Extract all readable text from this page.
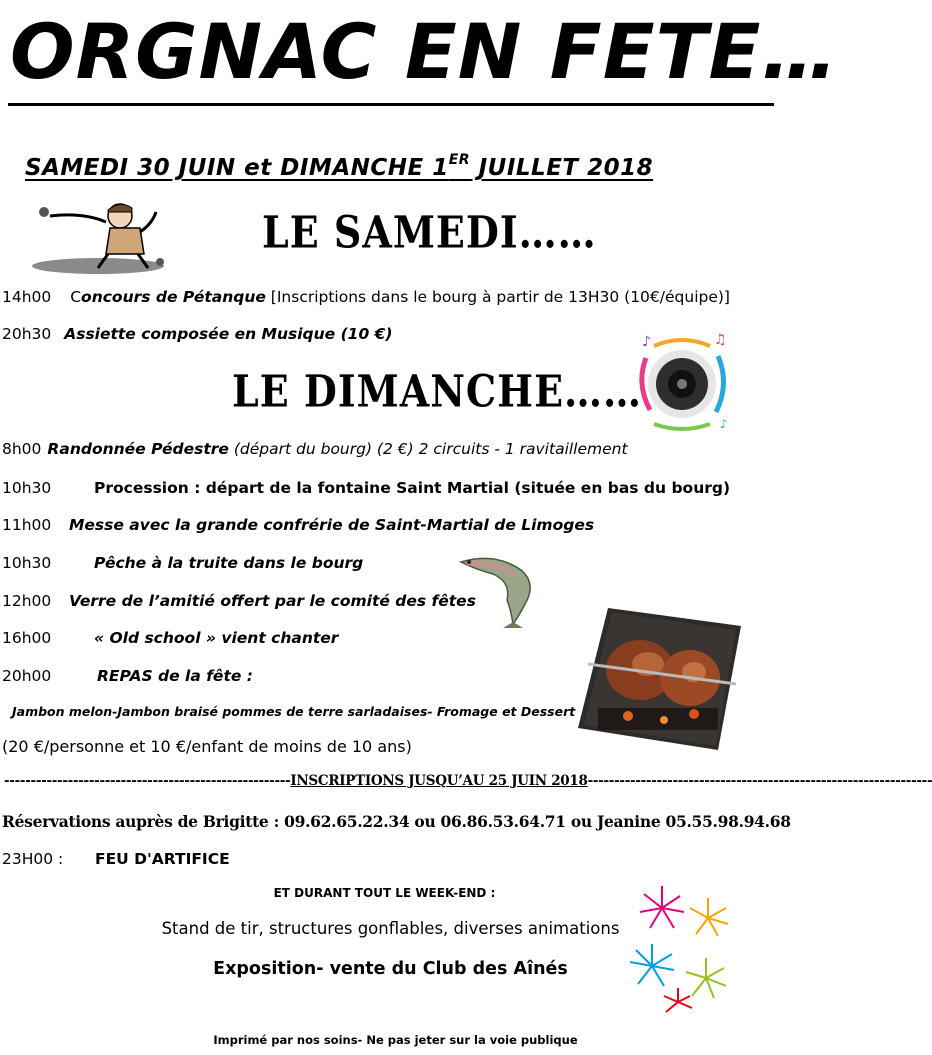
ORGNAC EN FETE…
SAMEDI 30 JUIN et DIMANCHE 1ER JUILLET 2018
LE SAMEDI……
14h00 Concours de Pétanque [Inscriptions dans le bourg à partir de 13H30 (10€/équipe)]
20h30 Assiette composée en Musique (10 €)	♪	♫
♪
LE DIMANCHE……
8h00 Randonnée Pédestre (départ du bourg) (2 €) 2 circuits - 1 ravitaillement
10h30	Procession : départ de la fontaine Saint Martial (située en bas du bourg)
11h00 Messe avec la grande confrérie de Saint-Martial de Limoges
10h30	Pêche à la truite dans le bourg
12h00 Verre de l’amitié offert par le comité des fêtes
16h00	« Old school » vient chanter
20h00	REPAS de la fête :
Jambon melon-Jambon braisé pommes de terre sarladaises- Fromage et Dessert
(20 €/personne et 10 €/enfant de moins de 10 ans)
------------------------------------------------------INSCRIPTIONS JUSQU’AU 25 JUIN 2018-----------------------------------------------------------------
Réservations auprès de Brigitte : 09.62.65.22.34 ou 06.86.53.64.71 ou Jeanine 05.55.98.94.68
23H00 : FEU D'ARTIFICE
ET DURANT TOUT LE WEEK-END :
Stand de tir, structures gonflables, diverses animations
Exposition- vente du Club des Aînés
Imprimé par nos soins- Ne pas jeter sur la voie publique
